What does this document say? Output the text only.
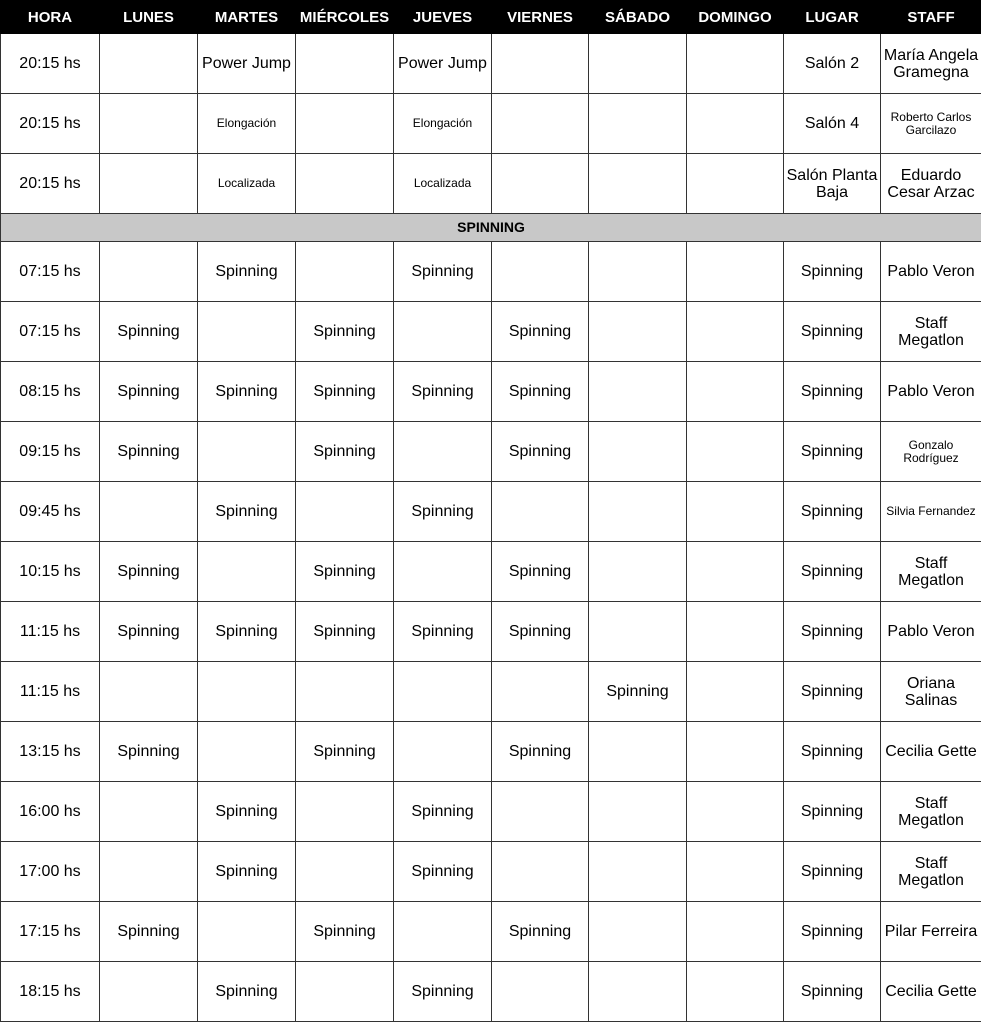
HORA	LUNES	MARTES	MIÉRCOLES	JUEVES	VIERNES	SÁBADO	DOMINGO	LUGAR	STAFF
20:15 hs		Power Jump		Power Jump				Salón 2	María Angela Gramegna
20:15 hs		Elongación		Elongación				Salón 4	Roberto Carlos Garcilazo
20:15 hs		Localizada		Localizada				Salón Planta Baja	Eduardo Cesar Arzac
SPINNING									
07:15 hs		Spinning		Spinning				Spinning	Pablo Veron
07:15 hs	Spinning		Spinning		Spinning			Spinning	Staff Megatlon
08:15 hs	Spinning	Spinning	Spinning	Spinning	Spinning			Spinning	Pablo Veron
09:15 hs	Spinning		Spinning		Spinning			Spinning	Gonzalo Rodríguez
09:45 hs		Spinning		Spinning				Spinning	Silvia Fernandez
10:15 hs	Spinning		Spinning		Spinning			Spinning	Staff Megatlon
11:15 hs	Spinning	Spinning	Spinning	Spinning	Spinning			Spinning	Pablo Veron
11:15 hs						Spinning		Spinning	Oriana Salinas
13:15 hs	Spinning		Spinning		Spinning			Spinning	Cecilia Gette
16:00 hs		Spinning		Spinning				Spinning	Staff Megatlon
17:00 hs		Spinning		Spinning				Spinning	Staff Megatlon
17:15 hs	Spinning		Spinning		Spinning			Spinning	Pilar Ferreira
18:15 hs		Spinning		Spinning				Spinning	Cecilia Gette
